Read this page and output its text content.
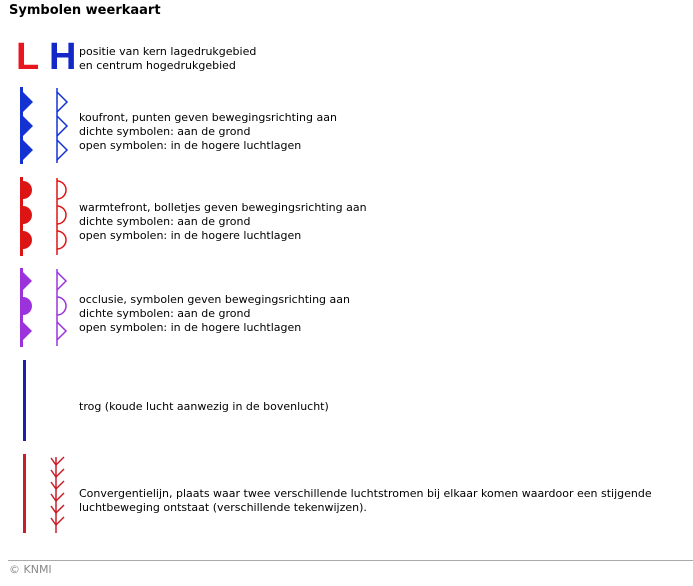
Symbolen weerkaart
L H positie van kern lagedrukgebied
en centrum hogedrukgebied
koufront, punten geven bewegingsrichting aan
dichte symbolen: aan de grond
open symbolen: in de hogere luchtlagen
warmtefront, bolletjes geven bewegingsrichting aan
dichte symbolen: aan de grond
open symbolen: in de hogere luchtlagen
occlusie, symbolen geven bewegingsrichting aan
dichte symbolen: aan de grond
open symbolen: in de hogere luchtlagen
trog (koude lucht aanwezig in de bovenlucht)
Convergentielijn, plaats waar twee verschillende luchtstromen bij elkaar komen waardoor een stijgende
luchtbeweging ontstaat (verschillende tekenwijzen).
© KNMI
